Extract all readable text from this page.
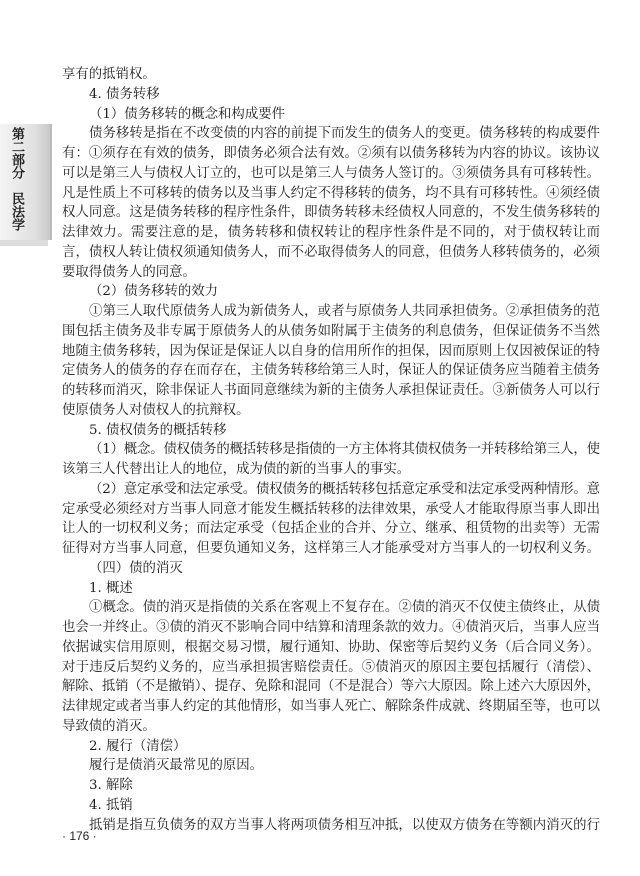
第二部分
民法学
享有的抵销权。
4. 债务转移
（1）债务移转的概念和构成要件
债务移转是指在不改变债的内容的前提下而发生的债务人的变更。债务移转的构成要件
有：①须存在有效的债务，即债务必须合法有效。②须有以债务移转为内容的协议。该协议
可以是第三人与债权人订立的，也可以是第三人与债务人签订的。③须债务具有可移转性。
凡是性质上不可移转的债务以及当事人约定不得移转的债务，均不具有可移转性。④须经债
权人同意。这是债务转移的程序性条件，即债务转移未经债权人同意的，不发生债务移转的
法律效力。需要注意的是，债务转移和债权转让的程序性条件是不同的，对于债权转让而
言，债权人转让债权须通知债务人，而不必取得债务人的同意，但债务人移转债务的，必须
要取得债务人的同意。
（2）债务移转的效力
①第三人取代原债务人成为新债务人，或者与原债务人共同承担债务。②承担债务的范
围包括主债务及非专属于原债务人的从债务如附属于主债务的利息债务，但保证债务不当然
地随主债务移转，因为保证是保证人以自身的信用所作的担保，因而原则上仅因被保证的特
定债务人的债务的存在而存在，主债务转移给第三人时，保证人的保证债务应当随着主债务
的转移而消灭，除非保证人书面同意继续为新的主债务人承担保证责任。③新债务人可以行
使原债务人对债权人的抗辩权。
5. 债权债务的概括转移
（1）概念。债权债务的概括转移是指债的一方主体将其债权债务一并转移给第三人，使
该第三人代替出让人的地位，成为债的新的当事人的事实。
（2）意定承受和法定承受。债权债务的概括转移包括意定承受和法定承受两种情形。意
定承受必须经对方当事人同意才能发生概括转移的法律效果，承受人才能取得原当事人即出
让人的一切权利义务；而法定承受（包括企业的合并、分立、继承、租赁物的出卖等）无需
征得对方当事人同意，但要负通知义务，这样第三人才能承受对方当事人的一切权利义务。
（四）债的消灭
1. 概述
①概念。债的消灭是指债的关系在客观上不复存在。②债的消灭不仅使主债终止，从债
也会一并终止。③债的消灭不影响合同中结算和清理条款的效力。④债消灭后，当事人应当
依据诚实信用原则，根据交易习惯，履行通知、协助、保密等后契约义务（后合同义务）。
对于违反后契约义务的，应当承担损害赔偿责任。⑤债消灭的原因主要包括履行（清偿）、
解除、抵销（不是撤销）、提存、免除和混同（不是混合）等六大原因。除上述六大原因外，
法律规定或者当事人约定的其他情形，如当事人死亡、解除条件成就、终期届至等，也可以
导致债的消灭。
2. 履行（清偿）
履行是债消灭最常见的原因。
3. 解除
4. 抵销
抵销是指互负债务的双方当事人将两项债务相互冲抵，以使双方债务在等额内消灭的行
· 176 ·
